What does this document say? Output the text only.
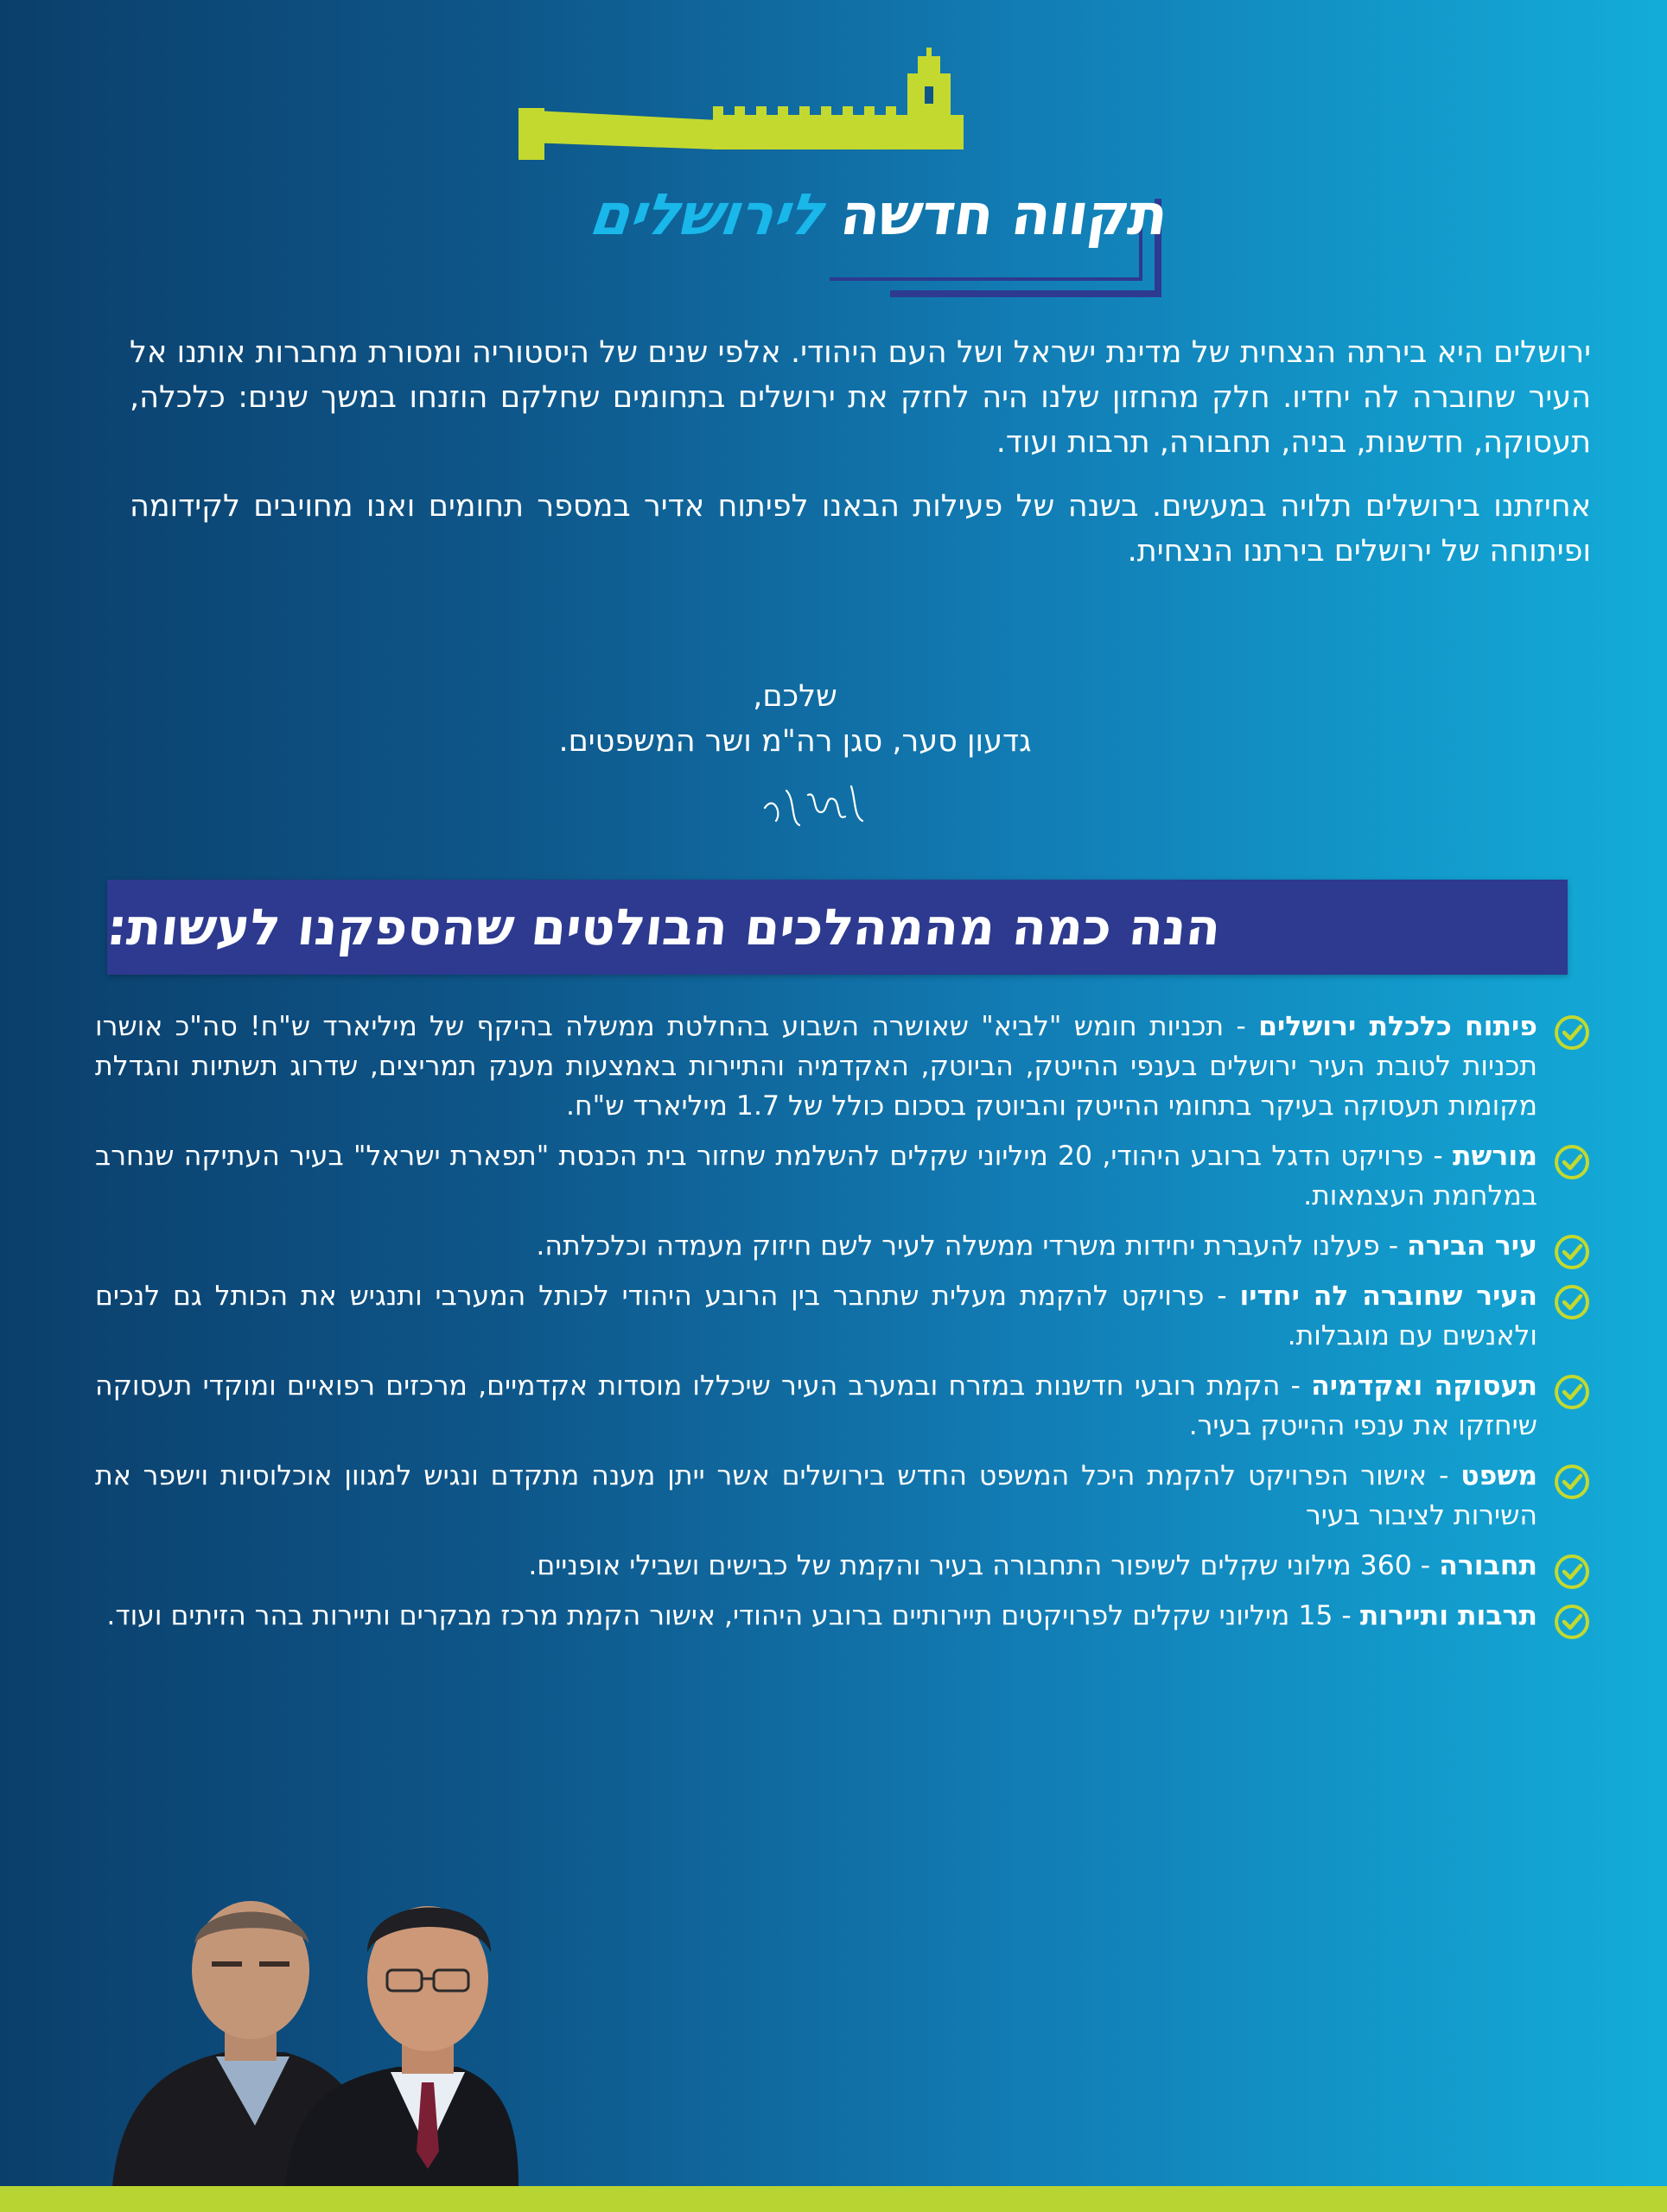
תקווה חדשה לירושלים

ירושלים היא בירתה הנצחית של מדינת ישראל ושל העם היהודי. אלפי שנים של היסטוריה ומסורת מחברות אותנו אל העיר שחוברה לה יחדיו. חלק מהחזון שלנו היה לחזק את ירושלים בתחומים שחלקם הוזנחו במשך שנים: כלכלה, תעסוקה, חדשנות, בניה, תחבורה, תרבות ועוד.

אחיזתנו בירושלים תלויה במעשים. בשנה של פעילות הבאנו לפיתוח אדיר במספר תחומים ואנו מחויבים לקידומה ופיתוחה של ירושלים בירתנו הנצחית.

שלכם,
גדעון סער, סגן רה"מ ושר המשפטים.
הנה כמה מהמהלכים הבולטים שהספקנו לעשות:

פיתוח כלכלת ירושלים - תכניות חומש "לביא" שאושרה השבוע בהחלטת ממשלה בהיקף של מיליארד ש"ח! סה"כ אושרו תכניות לטובת העיר ירושלים בענפי ההייטק, הביוטק, האקדמיה והתיירות באמצעות מענק תמריצים, שדרוג תשתיות והגדלת מקומות תעסוקה בעיקר בתחומי ההייטק והביוטק בסכום כולל של 1.7 מיליארד ש"ח.

מורשת - פרויקט הדגל ברובע היהודי, 20 מיליוני שקלים להשלמת שחזור בית הכנסת "תפארת ישראל" בעיר העתיקה שנחרב במלחמת העצמאות.

עיר הבירה - פעלנו להעברת יחידות משרדי ממשלה לעיר לשם חיזוק מעמדה וכלכלתה.

העיר שחוברה לה יחדיו - פרויקט להקמת מעלית שתחבר בין הרובע היהודי לכותל המערבי ותנגיש את הכותל גם לנכים ולאנשים עם מוגבלות.

תעסוקה ואקדמיה - הקמת רובעי חדשנות במזרח ובמערב העיר שיכללו מוסדות אקדמיים, מרכזים רפואיים ומוקדי תעסוקה שיחזקו את ענפי ההייטק בעיר.

משפט - אישור הפרויקט להקמת היכל המשפט החדש בירושלים אשר ייתן מענה מתקדם ונגיש למגוון אוכלוסיות וישפר את השירות לציבור בעיר

תחבורה - 360 מילוני שקלים לשיפור התחבורה בעיר והקמת של כבישים ושבילי אופניים.

תרבות ותיירות - 15 מיליוני שקלים לפרויקטים תיירותיים ברובע היהודי, אישור הקמת מרכז מבקרים ותיירות בהר הזיתים ועוד.
